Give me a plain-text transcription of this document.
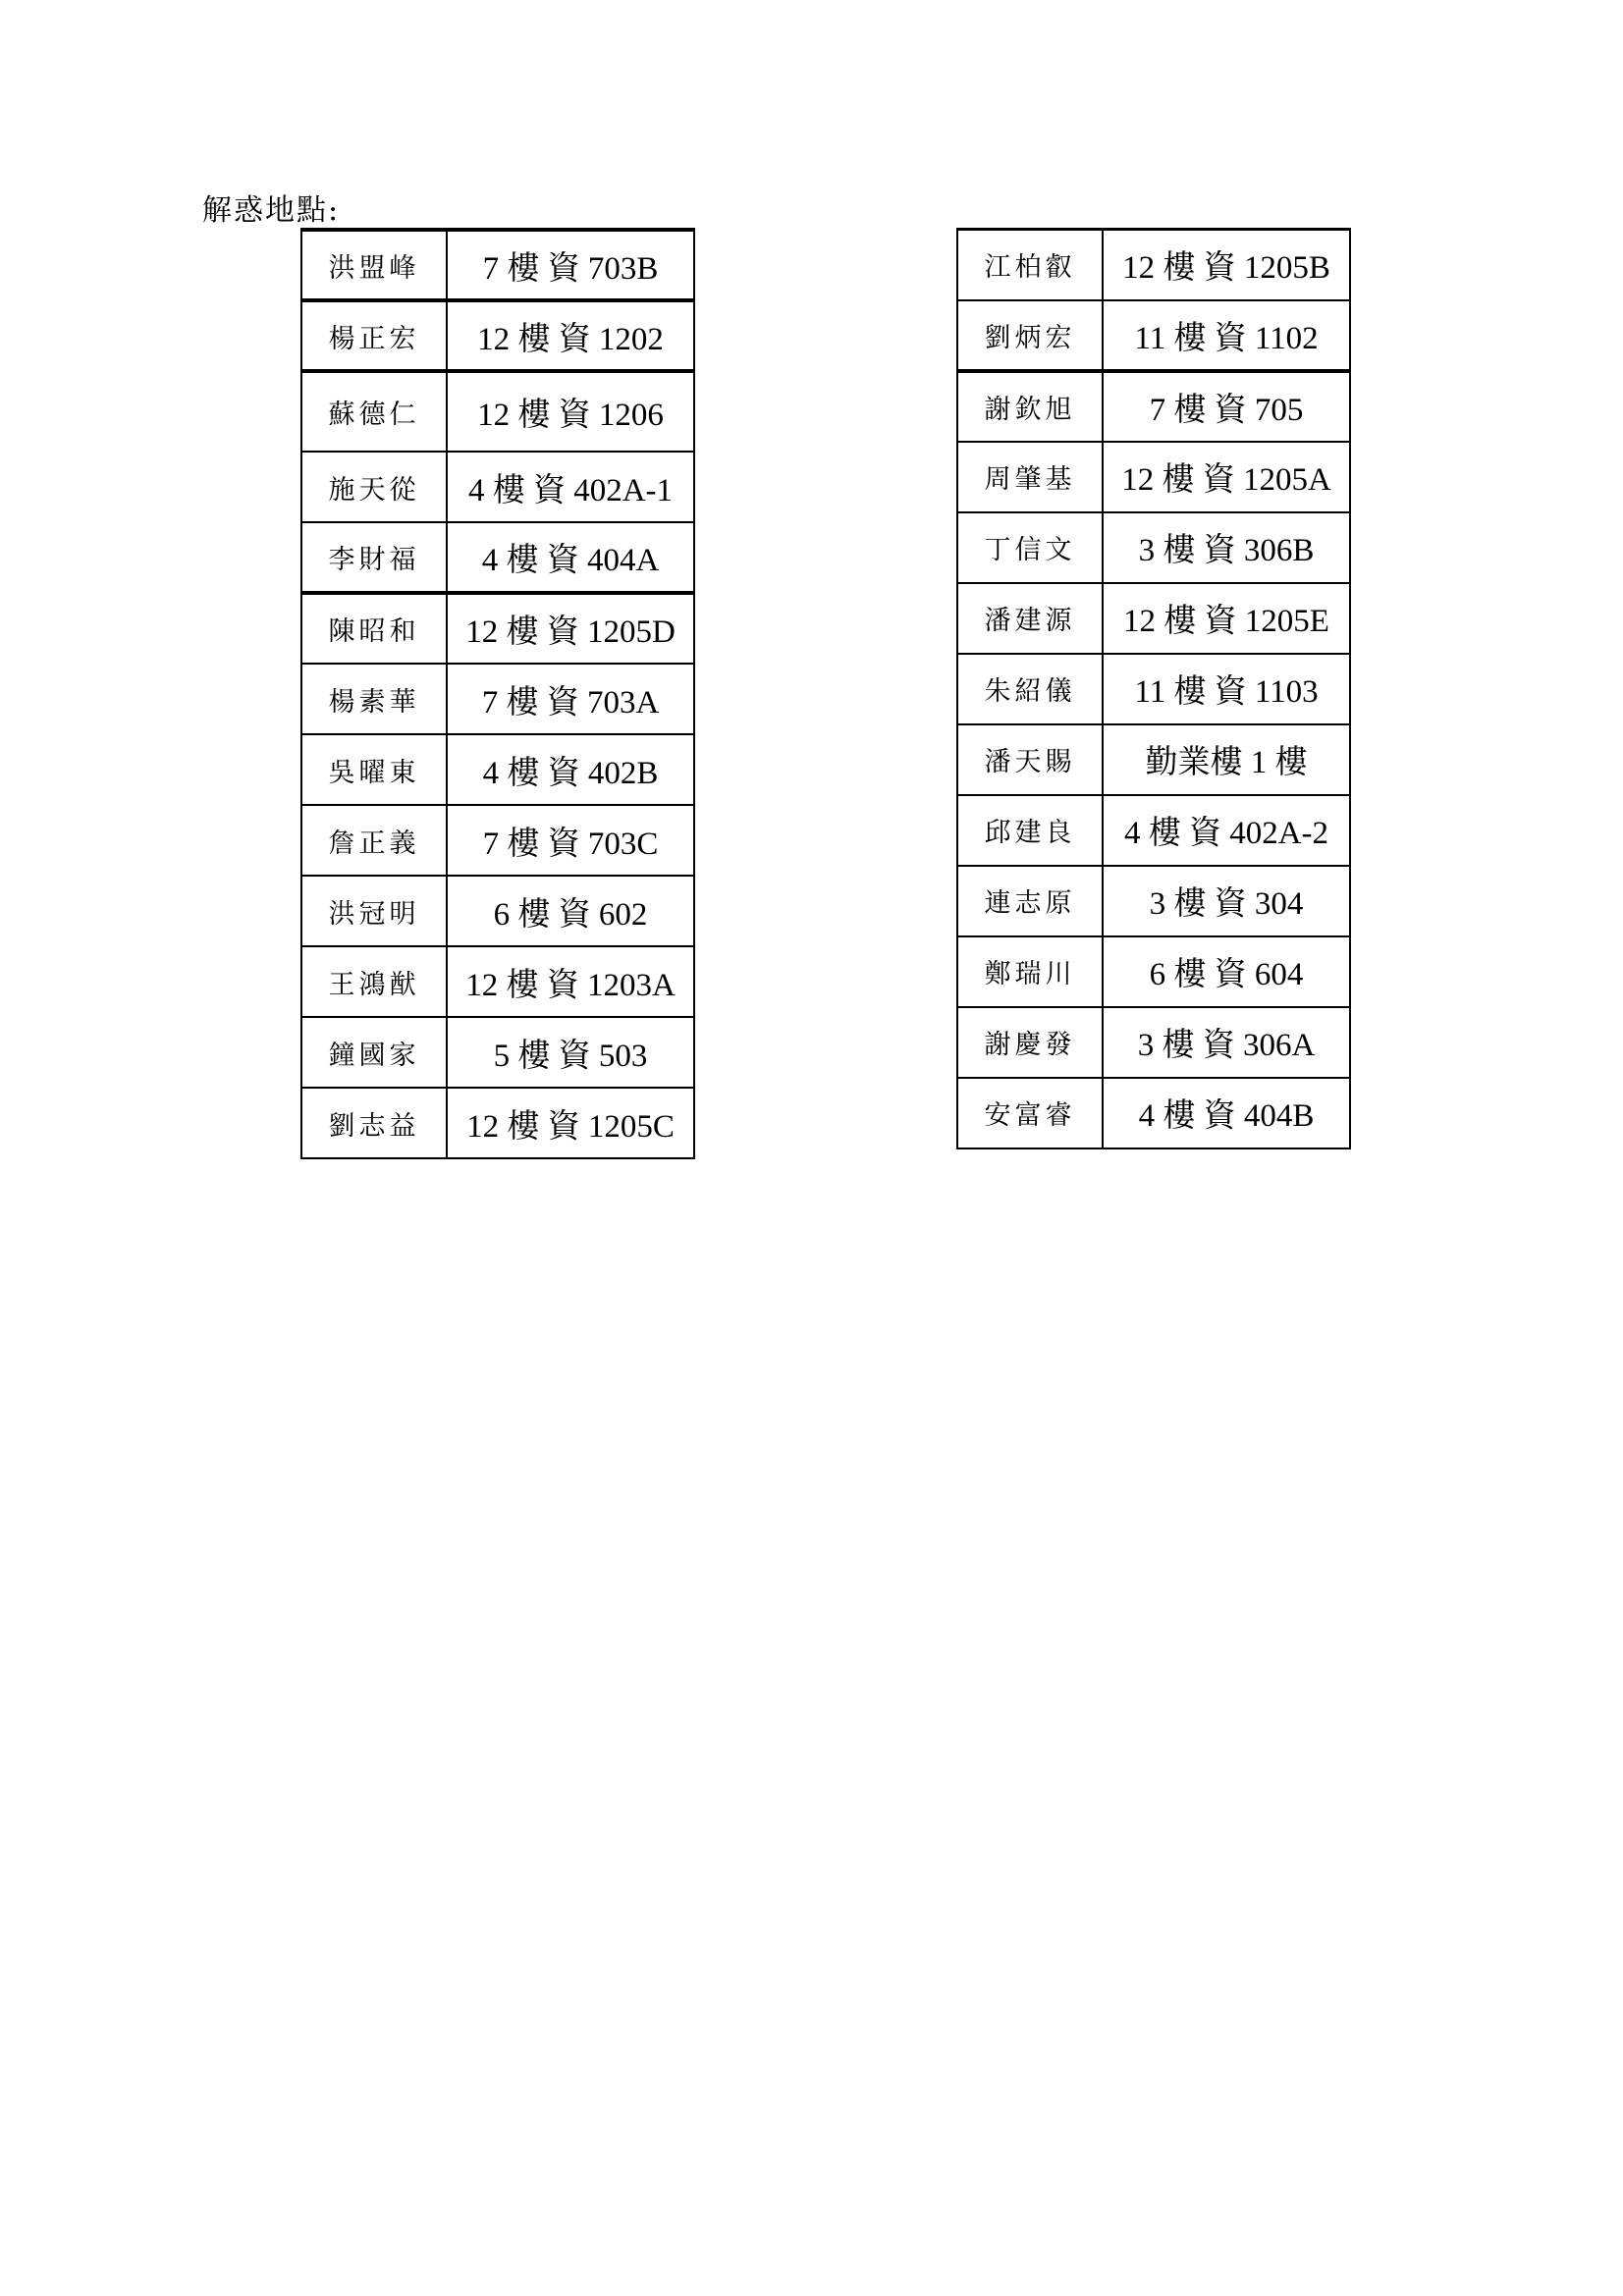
解惑地點:
洪盟峰	7 樓 資 703B
楊正宏	12 樓 資 1202
蘇德仁	12 樓 資 1206
施天從	4 樓 資 402A-1
李財福	4 樓 資 404A
陳昭和	12 樓 資 1205D
楊素華	7 樓 資 703A
吳曜東	4 樓 資 402B
詹正義	7 樓 資 703C
洪冠明	6 樓 資 602
王鴻猷	12 樓 資 1203A
鐘國家	5 樓 資 503
劉志益	12 樓 資 1205C
江柏叡	12 樓 資 1205B
劉炳宏	11 樓 資 1102
謝欽旭	7 樓 資 705
周肇基	12 樓 資 1205A
丁信文	3 樓 資 306B
潘建源	12 樓 資 1205E
朱紹儀	11 樓 資 1103
潘天賜	勤業樓 1 樓
邱建良	4 樓 資 402A-2
連志原	3 樓 資 304
鄭瑞川	6 樓 資 604
謝慶發	3 樓 資 306A
安富睿	4 樓 資 404B
